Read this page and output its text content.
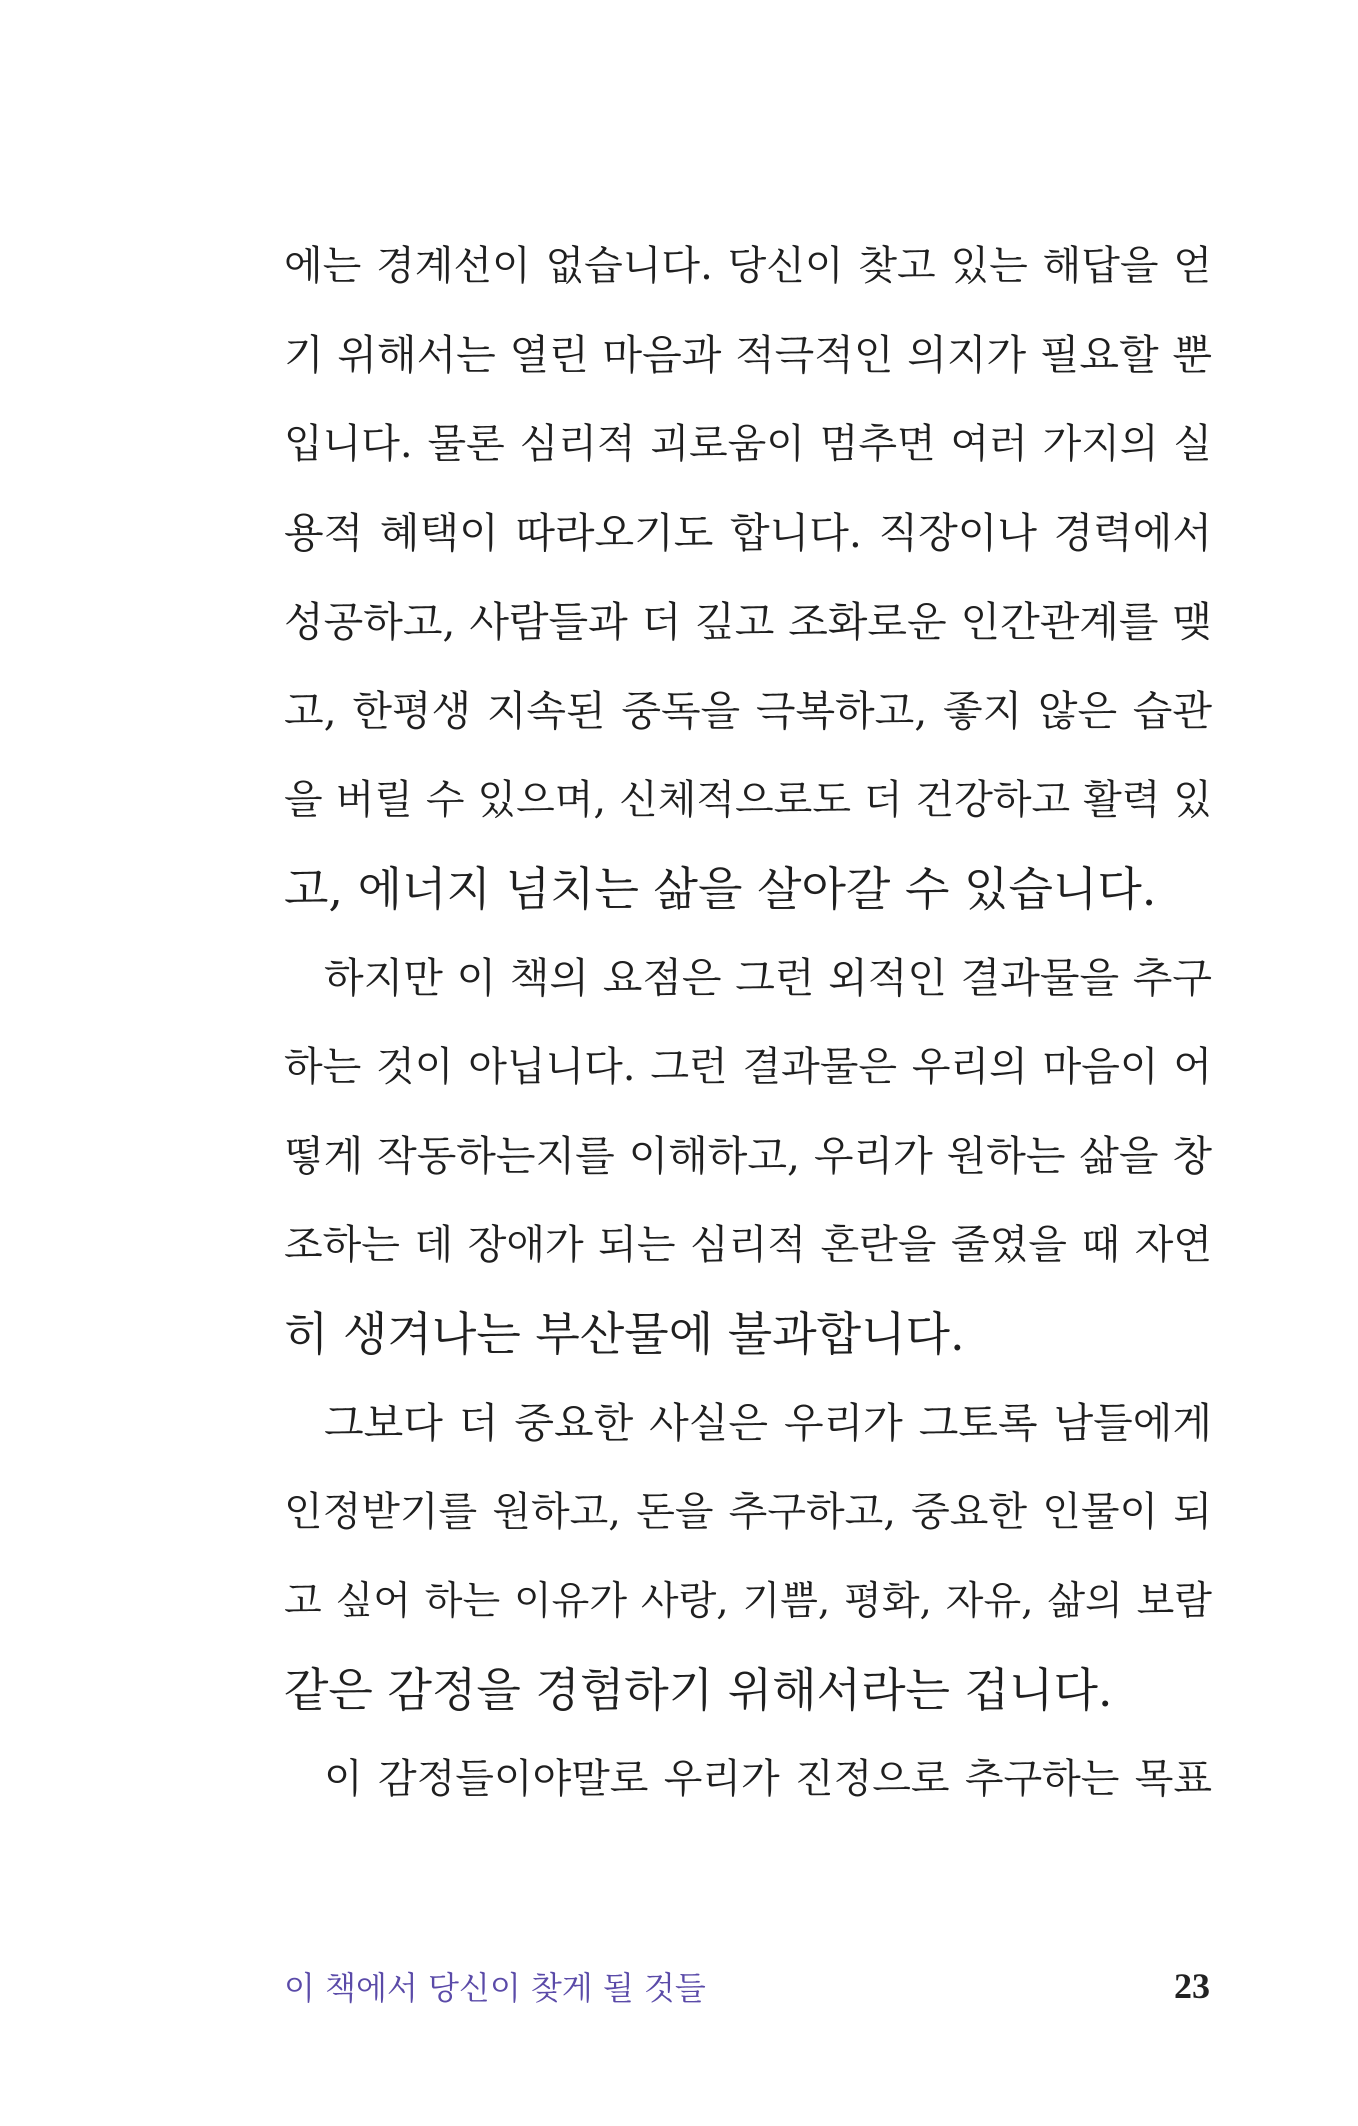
에는 경계선이 없습니다. 당신이 찾고 있는 해답을 얻
기 위해서는 열린 마음과 적극적인 의지가 필요할 뿐
입니다. 물론 심리적 괴로움이 멈추면 여러 가지의 실
용적 혜택이 따라오기도 합니다. 직장이나 경력에서
성공하고, 사람들과 더 깊고 조화로운 인간관계를 맺
고, 한평생 지속된 중독을 극복하고, 좋지 않은 습관
을 버릴 수 있으며, 신체적으로도 더 건강하고 활력 있
고, 에너지 넘치는 삶을 살아갈 수 있습니다.
하지만 이 책의 요점은 그런 외적인 결과물을 추구
하는 것이 아닙니다. 그런 결과물은 우리의 마음이 어
떻게 작동하는지를 이해하고, 우리가 원하는 삶을 창
조하는 데 장애가 되는 심리적 혼란을 줄였을 때 자연
히 생겨나는 부산물에 불과합니다.
그보다 더 중요한 사실은 우리가 그토록 남들에게
인정받기를 원하고, 돈을 추구하고, 중요한 인물이 되
고 싶어 하는 이유가 사랑, 기쁨, 평화, 자유, 삶의 보람
같은 감정을 경험하기 위해서라는 겁니다.
이 감정들이야말로 우리가 진정으로 추구하는 목표
이 책에서 당신이 찾게 될 것들	23
